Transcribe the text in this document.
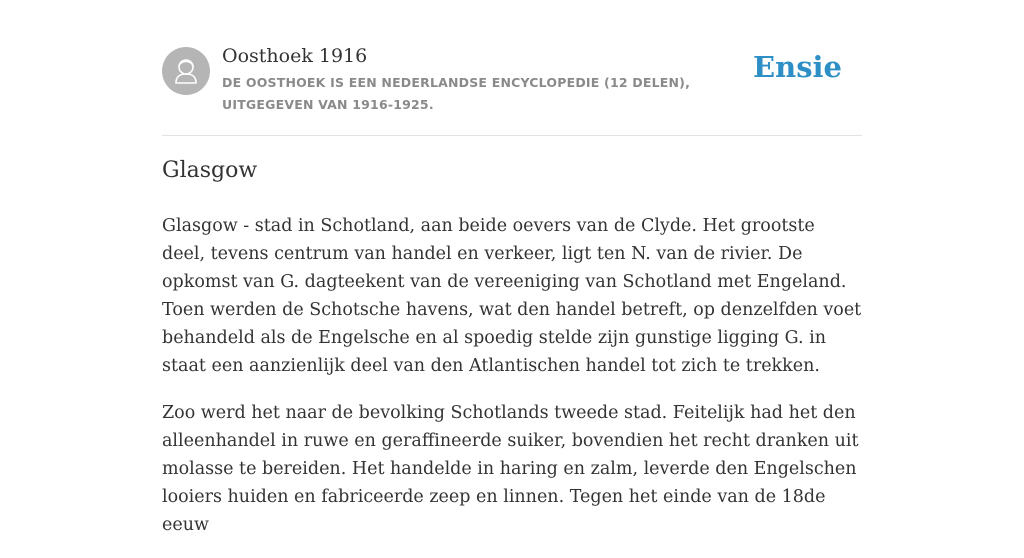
Oosthoek 1916
DE OOSTHOEK IS EEN NEDERLANDSE ENCYCLOPEDIE (12 DELEN), UITGEGEVEN VAN 1916-1925.
Ensie
Glasgow

Glasgow - stad in Schotland, aan beide oevers van de Clyde. Het grootste deel, tevens centrum van handel en verkeer, ligt ten N. van de rivier. De opkomst van G. dagteekent van de vereeniging van Schotland met Engeland. Toen werden de Schotsche havens, wat den handel betreft, op denzelfden voet behandeld als de Engelsche en al spoedig stelde zijn gunstige ligging G. in staat een aanzienlijk deel van den Atlantischen handel tot zich te trekken.

Zoo werd het naar de bevolking Schotlands tweede stad. Feitelijk had het den alleenhandel in ruwe en geraffineerde suiker, bovendien het recht dranken uit molasse te bereiden. Het handelde in haring en zalm, leverde den Engelschen looiers huiden en fabriceerde zeep en linnen. Tegen het einde van de 18de eeuw
